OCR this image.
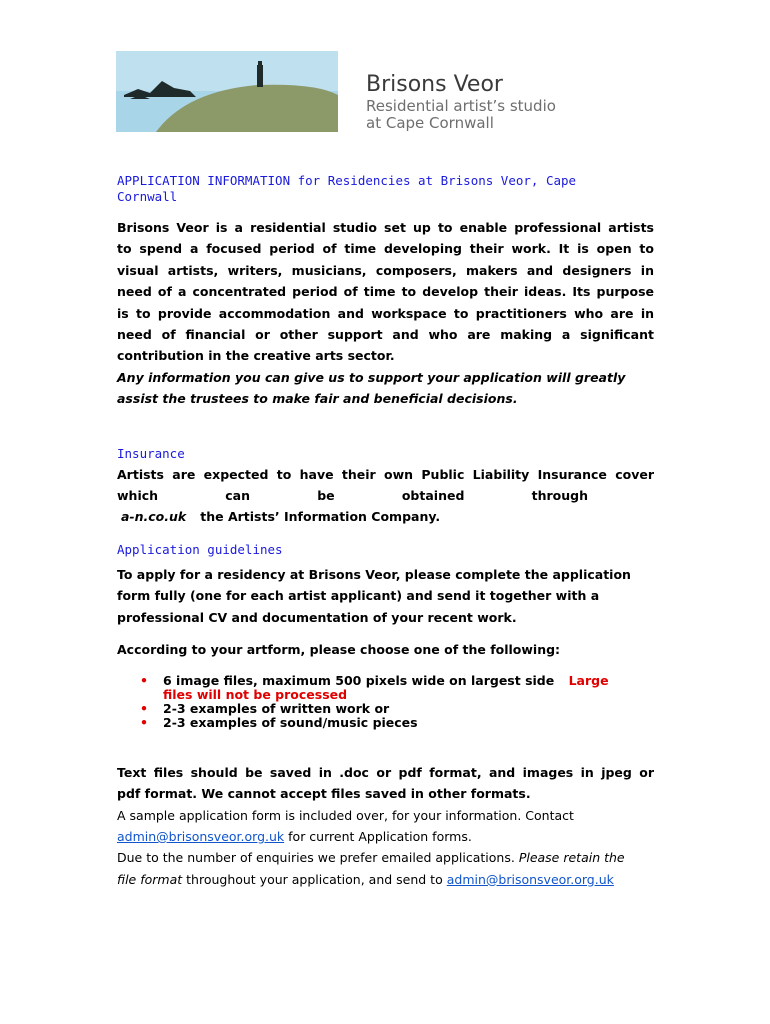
Brisons Veor
Residential artist’s studio
at Cape Cornwall
APPLICATION INFORMATION for Residencies at Brisons Veor, Cape
Cornwall
Brisons Veor is a residential studio set up to enable professional artists
to spend a focused period of time developing their work. It is open to
visual artists, writers, musicians, composers, makers and designers in
need of a concentrated period of time to develop their ideas. Its purpose
is to provide accommodation and workspace to practitioners who are in
need of financial or other support and who are making a significant
contribution in the creative arts sector.
Any information you can give us to support your application will greatly
assist the trustees to make fair and beneficial decisions.
Insurance
Artists are expected to have their own Public Liability Insurance cover
which	can	be	obtained	through
a-n.co.uk the Artists’ Information Company.
Application guidelines
To apply for a residency at Brisons Veor, please complete the application
form fully (one for each artist applicant) and send it together with a
professional CV and documentation of your recent work.
According to your artform, please choose one of the following:
• 6 image files, maximum 500 pixels wide on largest side Large
files will not be processed
• 2-3 examples of written work or
• 2-3 examples of sound/music pieces
Text files should be saved in .doc or pdf format, and images in jpeg or
pdf format. We cannot accept files saved in other formats.
A sample application form is included over, for your information. Contact
admin@brisonsveor.org.uk for current Application forms.
Due to the number of enquiries we prefer emailed applications. Please retain the
file format throughout your application, and send to admin@brisonsveor.org.uk
